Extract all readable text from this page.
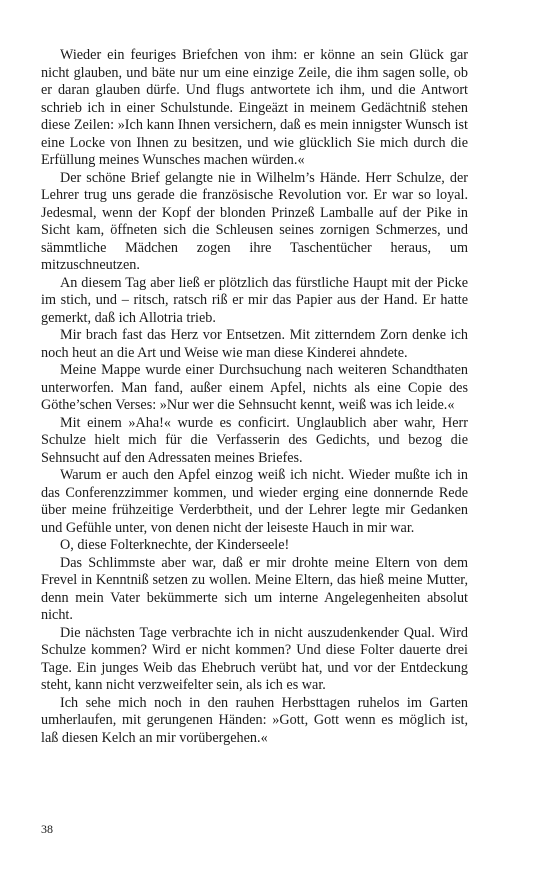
Wieder ein feuriges Briefchen von ihm: er könne an sein Glück gar nicht glauben, und bäte nur um eine einzige Zeile, die ihm sagen solle, ob er daran glauben dürfe. Und flugs antwortete ich ihm, und die Antwort schrieb ich in einer Schulstunde. Eingeäzt in meinem Gedächtniß stehen diese Zeilen: »Ich kann Ihnen versichern, daß es mein innigster Wunsch ist eine Locke von Ihnen zu besitzen, und wie glücklich Sie mich durch die Erfüllung meines Wunsches machen würden.«

Der schöne Brief gelangte nie in Wilhelm’s Hände. Herr Schulze, der Lehrer trug uns gerade die französische Revolution vor. Er war so loyal. Jedesmal, wenn der Kopf der blonden Prinzeß Lamballe auf der Pike in Sicht kam, öffneten sich die Schleusen seines zornigen Schmerzes, und sämmtliche Mädchen zogen ihre Taschentücher heraus, um mitzuschneutzen.

An diesem Tag aber ließ er plötzlich das fürstliche Haupt mit der Picke im stich, und – ritsch, ratsch riß er mir das Papier aus der Hand. Er hatte gemerkt, daß ich Allotria trieb.

Mir brach fast das Herz vor Entsetzen. Mit zitterndem Zorn denke ich noch heut an die Art und Weise wie man diese Kinderei ahndete.

Meine Mappe wurde einer Durchsuchung nach weiteren Schandthaten unterworfen. Man fand, außer einem Apfel, nichts als eine Copie des Göthe’schen Verses: »Nur wer die Sehnsucht kennt, weiß was ich leide.«

Mit einem »Aha!« wurde es conficirt. Unglaublich aber wahr, Herr Schulze hielt mich für die Verfasserin des Gedichts, und bezog die Sehnsucht auf den Adressaten meines Briefes.

Warum er auch den Apfel einzog weiß ich nicht. Wieder mußte ich in das Conferenzzimmer kommen, und wieder erging eine donnernde Rede über meine frühzeitige Verderbtheit, und der Lehrer legte mir Gedanken und Gefühle unter, von denen nicht der leiseste Hauch in mir war.

O, diese Folterknechte, der Kinderseele!

Das Schlimmste aber war, daß er mir drohte meine Eltern von dem Frevel in Kenntniß setzen zu wollen. Meine Eltern, das hieß meine Mutter, denn mein Vater bekümmerte sich um interne Angelegenheiten absolut nicht.

Die nächsten Tage verbrachte ich in nicht auszudenkender Qual. Wird Schulze kommen? Wird er nicht kommen? Und diese Folter dauerte drei Tage. Ein junges Weib das Ehebruch verübt hat, und vor der Entdeckung steht, kann nicht verzweifelter sein, als ich es war.

Ich sehe mich noch in den rauhen Herbsttagen ruhelos im Garten umherlaufen, mit gerungenen Händen: »Gott, Gott wenn es möglich ist, laß diesen Kelch an mir vorübergehen.«

38
